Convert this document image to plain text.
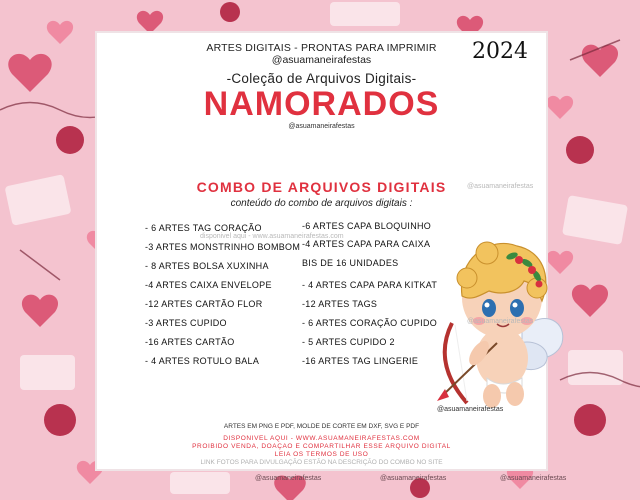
ARTES DIGITAIS - PRONTAS PARA IMPRIMIR
@asuamaneirafestas	2024
-Coleção de Arquivos Digitais-
NAMORADOS
@asuamaneirafestas
COMBO DE ARQUIVOS DIGITAIS
conteúdo do combo de arquivos digitais :
disponivel aqui - www.asuamaneirafestas.com
@asuamaneirafestas
- 6 ARTES TAG CORAÇÃO
-3 ARTES MONSTRINHO BOMBOM
- 8 ARTES BOLSA XUXINHA
-4 ARTES CAIXA ENVELOPE
-12 ARTES CARTÃO FLOR
-3 ARTES CUPIDO
-16 ARTES CARTÃO
- 4 ARTES ROTULO BALA
-6 ARTES CAPA BLOQUINHO
-4 ARTES CAPA PARA CAIXA
BIS DE 16 UNIDADES
- 4 ARTES CAPA PARA KITKAT
-12 ARTES TAGS
- 6 ARTES CORAÇÃO CUPIDO
- 5 ARTES CUPIDO 2
-16 ARTES TAG LINGERIE
@asuamaneirafestas
@asuamaneirafestas
ARTES EM PNG E PDF, MOLDE DE CORTE EM DXF, SVG E PDF
DISPONIVEL AQUI - WWW.ASUAMANEIRAFESTAS.COM
PROIBIDO VENDA, DOAÇAO E COMPARTILHAR ESSE ARQUIVO DIGITAL
LEIA OS TERMOS DE USO
LINK FOTOS PARA DIVULGAÇÃO ESTÃO NA DESCRIÇÃO DO COMBO NO SITE
@asuamaneirafestas	@asuamaneirafestas	@asuamaneirafestas
